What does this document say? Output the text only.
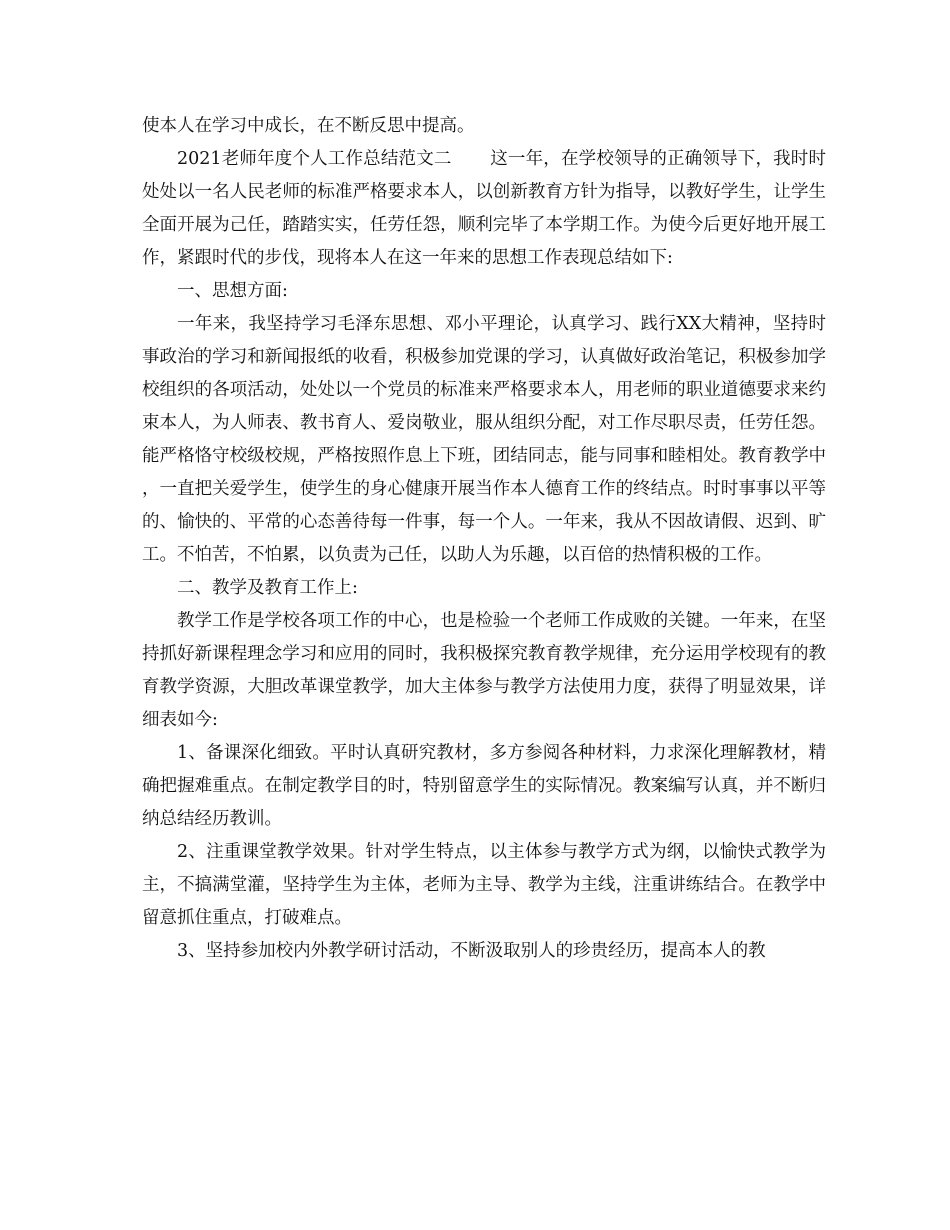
使本人在学习中成长，在不断反思中提高。

2021老师年度个人工作总结范文二 这一年，在学校领导的正确领导下，我时时处处以一名人民老师的标准严格要求本人，以创新教育方针为指导，以教好学生，让学生全面开展为己任，踏踏实实，任劳任怨，顺利完毕了本学期工作。为使今后更好地开展工作，紧跟时代的步伐，现将本人在这一年来的思想工作表现总结如下:

一、思想方面:

一年来，我坚持学习毛泽东思想、邓小平理论，认真学习、践行XX大精神，坚持时事政治的学习和新闻报纸的收看，积极参加党课的学习，认真做好政治笔记，积极参加学校组织的各项活动，处处以一个党员的标准来严格要求本人，用老师的职业道德要求来约束本人，为人师表、教书育人、爱岗敬业，服从组织分配，对工作尽职尽责，任劳任怨。能严格恪守校级校规，严格按照作息上下班，团结同志，能与同事和睦相处。教育教学中，一直把关爱学生，使学生的身心健康开展当作本人德育工作的终结点。时时事事以平等的、愉快的、平常的心态善待每一件事，每一个人。一年来，我从不因故请假、迟到、旷工。不怕苦，不怕累，以负责为己任，以助人为乐趣，以百倍的热情积极的工作。

二、教学及教育工作上:

教学工作是学校各项工作的中心，也是检验一个老师工作成败的关键。一年来，在坚持抓好新课程理念学习和应用的同时，我积极探究教育教学规律，充分运用学校现有的教育教学资源，大胆改革课堂教学，加大主体参与教学方法使用力度，获得了明显效果，详细表如今:

1、备课深化细致。平时认真研究教材，多方参阅各种材料，力求深化理解教材，精确把握难重点。在制定教学目的时，特别留意学生的实际情况。教案编写认真，并不断归纳总结经历教训。

2、注重课堂教学效果。针对学生特点，以主体参与教学方式为纲，以愉快式教学为主，不搞满堂灌，坚持学生为主体，老师为主导、教学为主线，注重讲练结合。在教学中留意抓住重点，打破难点。

3、坚持参加校内外教学研讨活动，不断汲取别人的珍贵经历，提高本人的教
